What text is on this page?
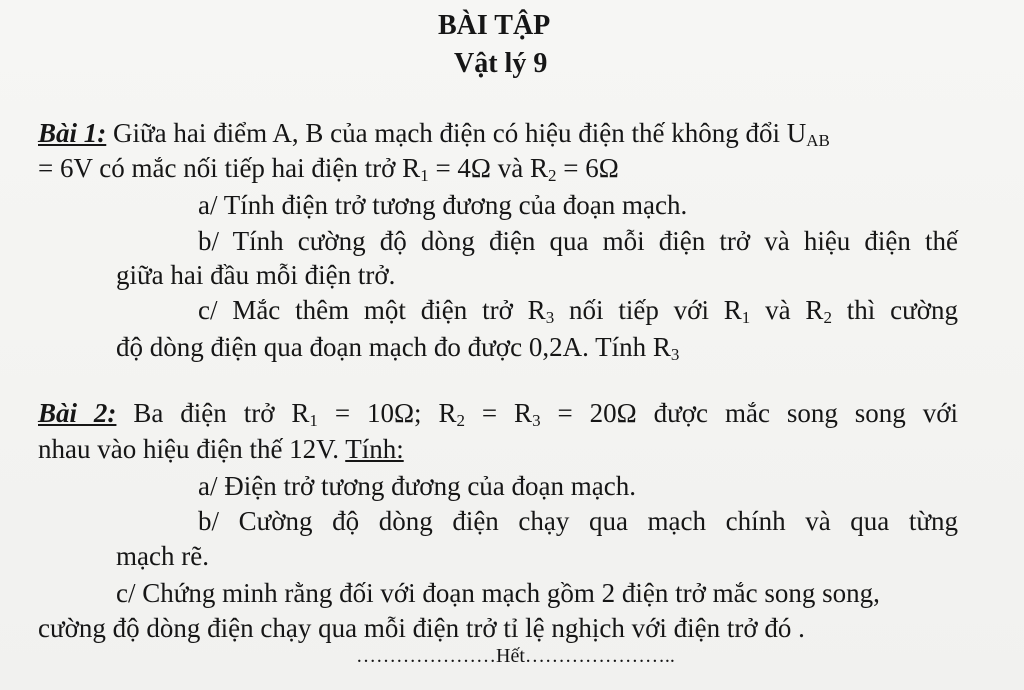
BÀI TẬP
Vật lý 9
Bài 1: Giữa hai điểm A, B của mạch điện có hiệu điện thế không đổi $U_{AB}$
= 6V có mắc nối tiếp hai điện trở $R_1 = 4\Omega$ và $R_2 = 6\Omega$
a/ Tính điện trở tương đương của đoạn mạch.
b/ Tính cường độ dòng điện qua mỗi điện trở và hiệu điện thế
giữa hai đầu mỗi điện trở.
c/ Mắc thêm một điện trở $R_3$ nối tiếp với $R_1$ và $R_2$ thì cường
độ dòng điện qua đoạn mạch đo được 0,2A. Tính $R_3$
Bài 2: Ba điện trở $R_1 = 10\Omega$; $R_2 = R_3 = 20\Omega$ được mắc song song với
nhau vào hiệu điện thế 12V. Tính:
a/ Điện trở tương đương của đoạn mạch.
b/ Cường độ dòng điện chạy qua mạch chính và qua từng
mạch rẽ.
c/ Chứng minh rằng đối với đoạn mạch gồm 2 điện trở mắc song song,
cường độ dòng điện chạy qua mỗi điện trở tỉ lệ nghịch với điện trở đó .
…………………Hết…………………..
